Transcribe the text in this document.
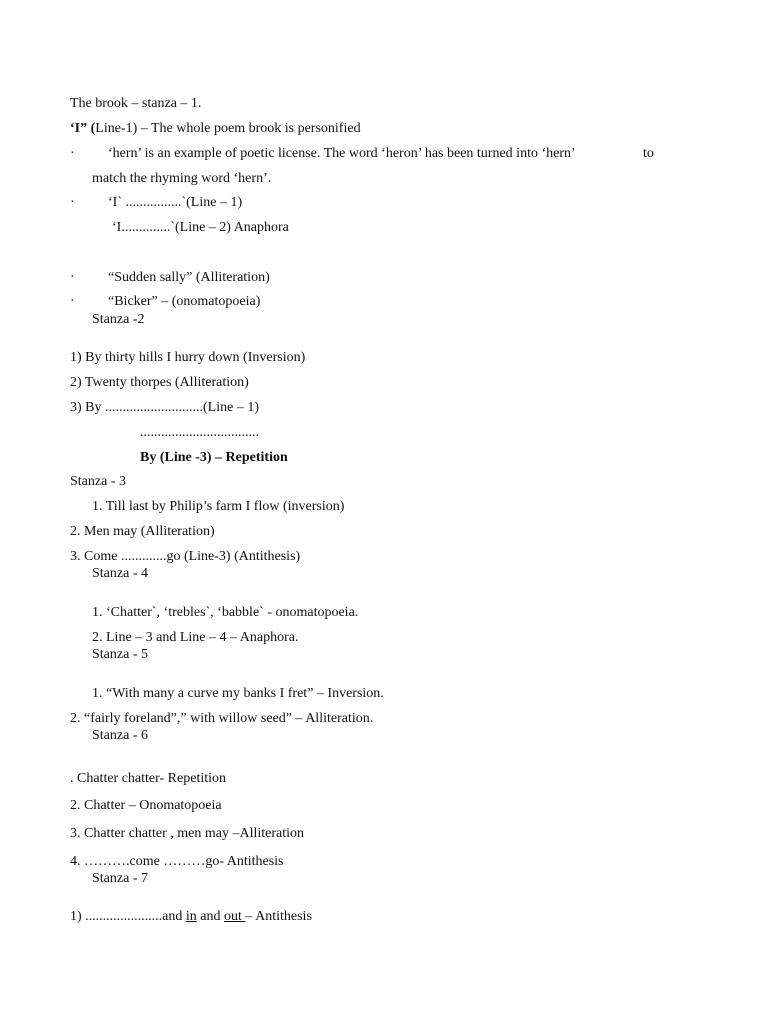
The brook – stanza – 1.
‘I” (Line-1) – The whole poem brook is personified
· ‘hern’ is an example of poetic license. The word ‘heron’ has been turned into ‘hern’	to
match the rhyming word ‘hern’.
· ‘I` ................`(Line – 1)
‘I..............`(Line – 2) Anaphora
· “Sudden sally” (Alliteration)
· “Bicker” – (onomatopoeia)
Stanza -2
1) By thirty hills I hurry down (Inversion)
2) Twenty thorpes (Alliteration)
3) By ............................(Line – 1)
..................................
By (Line -3) – Repetition
Stanza - 3
1. Till last by Philip’s farm I flow (inversion)
2. Men may (Alliteration)
3. Come .............go (Line-3) (Antithesis)
Stanza - 4
1. ‘Chatter`, ‘trebles`, ‘babble` - onomatopoeia.
2. Line – 3 and Line – 4 – Anaphora.
Stanza - 5
1. “With many a curve my banks I fret” – Inversion.
2. “fairly foreland”,” with willow seed” – Alliteration.
Stanza - 6
. Chatter chatter- Repetition
2. Chatter – Onomatopoeia
3. Chatter chatter , men may –Alliteration
4. ……….come ………go- Antithesis
Stanza - 7
1) ......................and in and out – Antithesis
